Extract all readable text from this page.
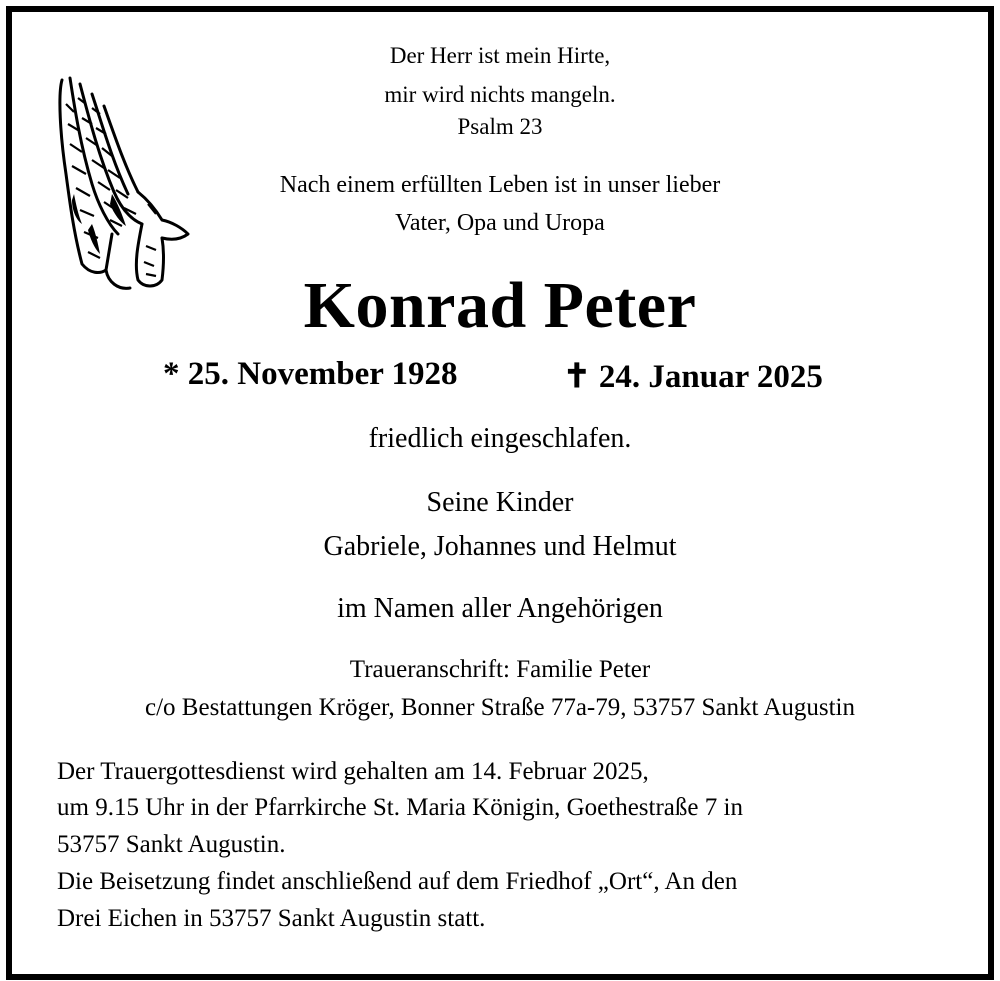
Der Herr ist mein Hirte,
mir wird nichts mangeln.
Psalm 23
Nach einem erfüllten Leben ist in unser lieber
Vater, Opa und Uropa
Konrad Peter
* 25. November 1928	✝ 24. Januar 2025
friedlich eingeschlafen.
Seine Kinder
Gabriele, Johannes und Helmut
im Namen aller Angehörigen
Traueranschrift: Familie Peter
c/o Bestattungen Kröger, Bonner Straße 77a-79, 53757 Sankt Augustin
Der Trauergottesdienst wird gehalten am 14. Februar 2025,
um 9.15 Uhr in der Pfarrkirche St. Maria Königin, Goethestraße 7 in
53757 Sankt Augustin.
Die Beisetzung findet anschließend auf dem Friedhof „Ort“, An den
Drei Eichen in 53757 Sankt Augustin statt.
